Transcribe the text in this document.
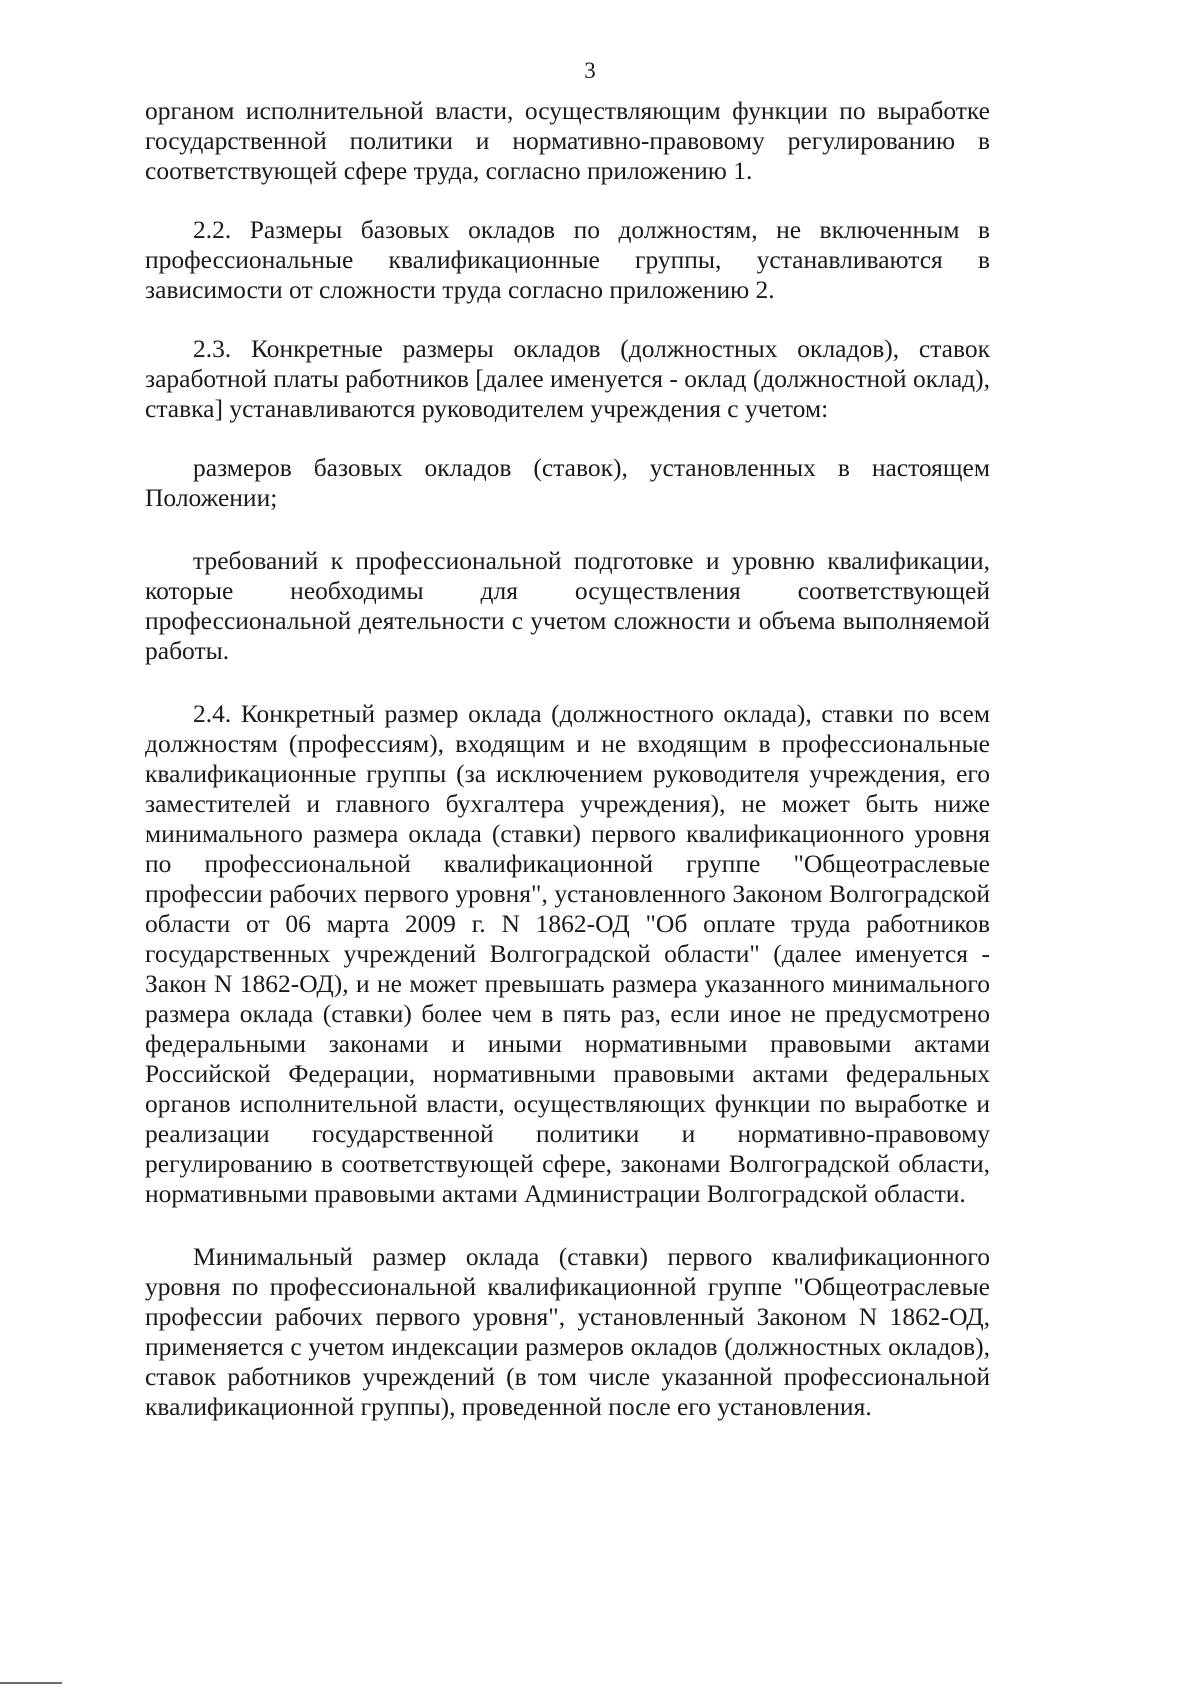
3

органом исполнительной власти, осуществляющим функции по выработке государственной политики и нормативно-правовому регулированию в соответствующей сфере труда, согласно приложению 1.

2.2. Размеры базовых окладов по должностям, не включенным в профессиональные квалификационные группы, устанавливаются в зависимости от сложности труда согласно приложению 2.

2.3. Конкретные размеры окладов (должностных окладов), ставок заработной платы работников [далее именуется - оклад (должностной оклад), ставка] устанавливаются руководителем учреждения с учетом:

размеров базовых окладов (ставок), установленных в настоящем Положении;

требований к профессиональной подготовке и уровню квалификации, которые необходимы для осуществления соответствующей профессиональной деятельности с учетом сложности и объема выполняемой работы.

2.4. Конкретный размер оклада (должностного оклада), ставки по всем должностям (профессиям), входящим и не входящим в профессиональные квалификационные группы (за исключением руководителя учреждения, его заместителей и главного бухгалтера учреждения), не может быть ниже минимального размера оклада (ставки) первого квалификационного уровня по профессиональной квалификационной группе "Общеотраслевые профессии рабочих первого уровня", установленного Законом Волгоградской области от 06 марта 2009 г. N 1862-ОД "Об оплате труда работников государственных учреждений Волгоградской области" (далее именуется - Закон N 1862-ОД), и не может превышать размера указанного минимального размера оклада (ставки) более чем в пять раз, если иное не предусмотрено федеральными законами и иными нормативными правовыми актами Российской Федерации, нормативными правовыми актами федеральных органов исполнительной власти, осуществляющих функции по выработке и реализации государственной политики и нормативно-правовому регулированию в соответствующей сфере, законами Волгоградской области, нормативными правовыми актами Администрации Волгоградской области.

Минимальный размер оклада (ставки) первого квалификационного уровня по профессиональной квалификационной группе "Общеотраслевые профессии рабочих первого уровня", установленный Законом N 1862-ОД, применяется с учетом индексации размеров окладов (должностных окладов), ставок работников учреждений (в том числе указанной профессиональной квалификационной группы), проведенной после его установления.
